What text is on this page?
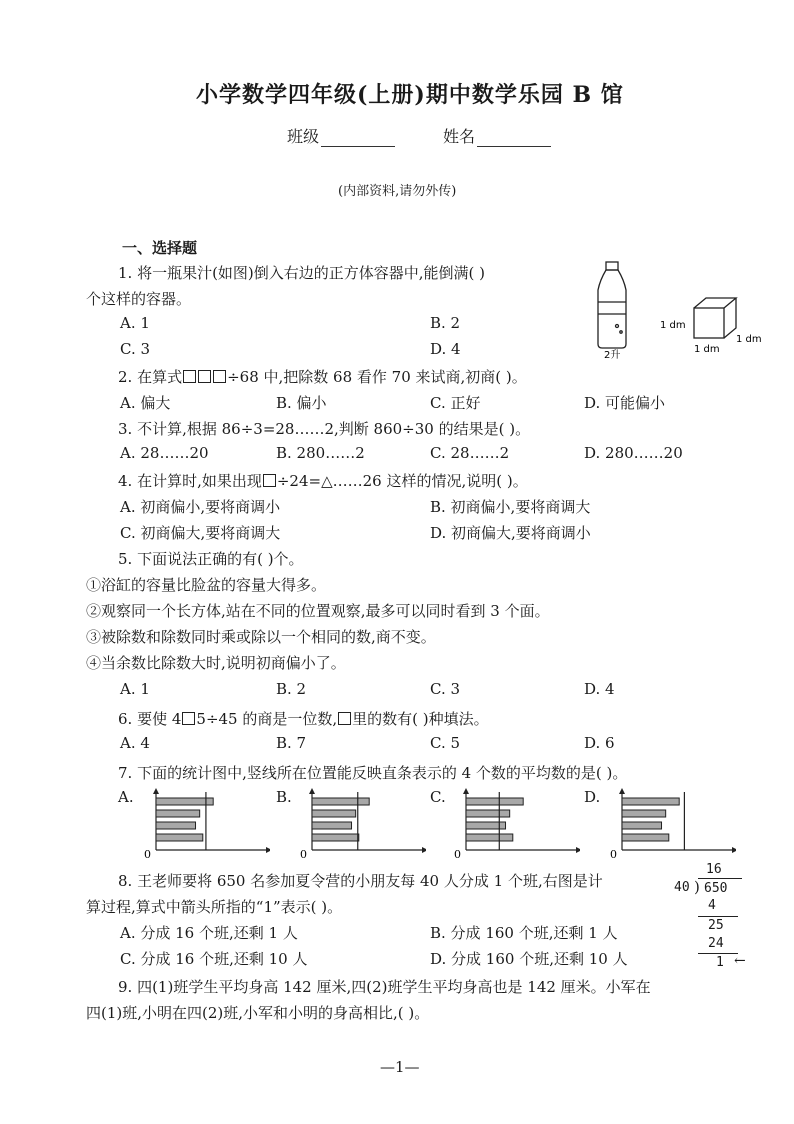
小学数学四年级(上册)期中数学乐园 B 馆
班级	姓名
(内部资料,请勿外传)
一、选择题
1. 将一瓶果汁(如图)倒入右边的正方体容器中,能倒满( )
个这样的容器。
A. 1	B. 2
C. 3	D. 4	2升
1 dm
1 dm
1 dm
2. 在算式	÷68 中,把除数 68 看作 70 来试商,初商( )。
A. 偏大	B. 偏小	C. 正好	D. 可能偏小
3. 不计算,根据 86÷3=28……2,判断 860÷30 的结果是( )。
A. 28……20	B. 280……2	C. 28……2	D. 280……20
4. 在计算时,如果出现 ÷24=△……26 这样的情况,说明( )。
A. 初商偏小,要将商调小	B. 初商偏小,要将商调大
C. 初商偏大,要将商调大	D. 初商偏大,要将商调小
5. 下面说法正确的有( )个。
①浴缸的容量比脸盆的容量大得多。
②观察同一个长方体,站在不同的位置观察,最多可以同时看到 3 个面。
③被除数和除数同时乘或除以一个相同的数,商不变。
④当余数比除数大时,说明初商偏小了。
A. 1	B. 2	C. 3	D. 4
6. 要使 4 5÷45 的商是一位数, 里的数有( )种填法。
A. 4	B. 7	C. 5	D. 6
7. 下面的统计图中,竖线所在位置能反映直条表示的 4 个数的平均数的是( )。
A.	B.	C.	D.
0	0	0	0
8. 王老师要将 650 名参加夏令营的小朋友每 40 人分成 1 个班,右图是计
算过程,算式中箭头所指的“1”表示( )。
A. 分成 16 个班,还剩 1 人	B. 分成 160 个班,还剩 1 人
C. 分成 16 个班,还剩 10 人	D. 分成 160 个班,还剩 10 人
16
40 ) 650
4
25
24
1 ←
9. 四(1)班学生平均身高 142 厘米,四(2)班学生平均身高也是 142 厘米。小军在
四(1)班,小明在四(2)班,小军和小明的身高相比,( )。
—1—
